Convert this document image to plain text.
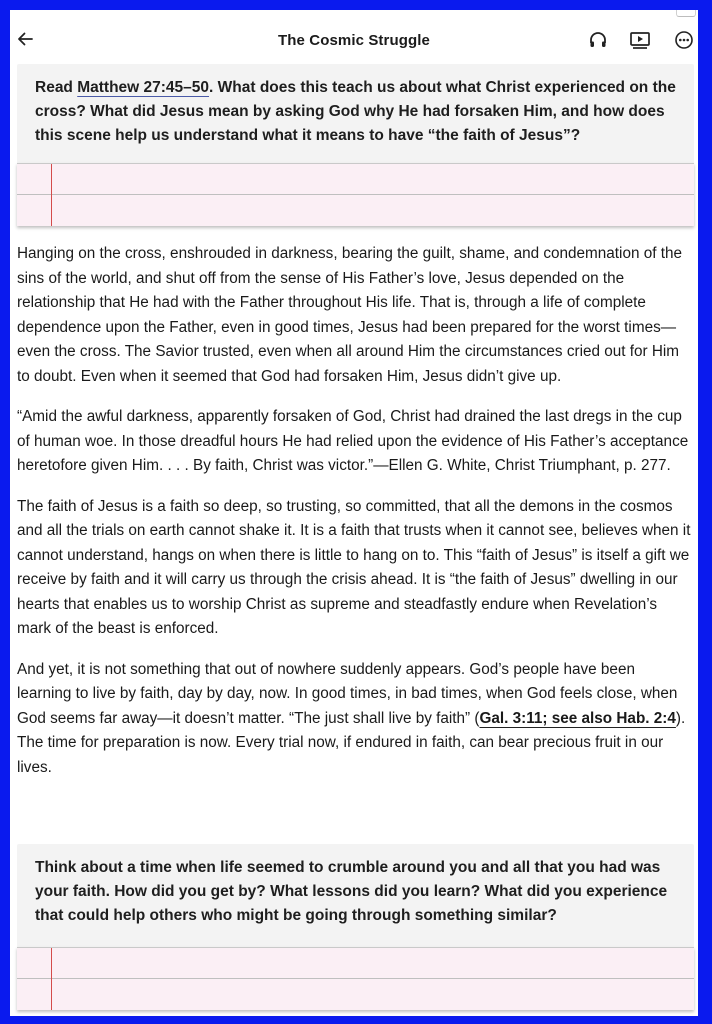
The Cosmic Struggle
Read Matthew 27:45–50. What does this teach us about what Christ experienced on the cross? What did Jesus mean by asking God why He had forsaken Him, and how does this scene help us understand what it means to have “the faith of Jesus”?

Hanging on the cross, enshrouded in darkness, bearing the guilt, shame, and condemnation of the sins of the world, and shut off from the sense of His Father’s love, Jesus depended on the relationship that He had with the Father throughout His life. That is, through a life of complete dependence upon the Father, even in good times, Jesus had been prepared for the worst times—even the cross. The Savior trusted, even when all around Him the circumstances cried out for Him to doubt. Even when it seemed that God had forsaken Him, Jesus didn’t give up.

“Amid the awful darkness, apparently forsaken of God, Christ had drained the last dregs in the cup of human woe. In those dreadful hours He had relied upon the evidence of His Father’s acceptance heretofore given Him. . . . By faith, Christ was victor.”—Ellen G. White, Christ Triumphant, p. 277.

The faith of Jesus is a faith so deep, so trusting, so committed, that all the demons in the cosmos and all the trials on earth cannot shake it. It is a faith that trusts when it cannot see, believes when it cannot understand, hangs on when there is little to hang on to. This “faith of Jesus” is itself a gift we receive by faith and it will carry us through the crisis ahead. It is “the faith of Jesus” dwelling in our hearts that enables us to worship Christ as supreme and steadfastly endure when Revelation’s mark of the beast is enforced.

And yet, it is not something that out of nowhere suddenly appears. God’s people have been learning to live by faith, day by day, now. In good times, in bad times, when God feels close, when God seems far away—it doesn’t matter. “The just shall live by faith” (Gal. 3:11; see also Hab. 2:4). The time for preparation is now. Every trial now, if endured in faith, can bear precious fruit in our lives.

Think about a time when life seemed to crumble around you and all that you had was your faith. How did you get by? What lessons did you learn? What did you experience that could help others who might be going through something similar?
